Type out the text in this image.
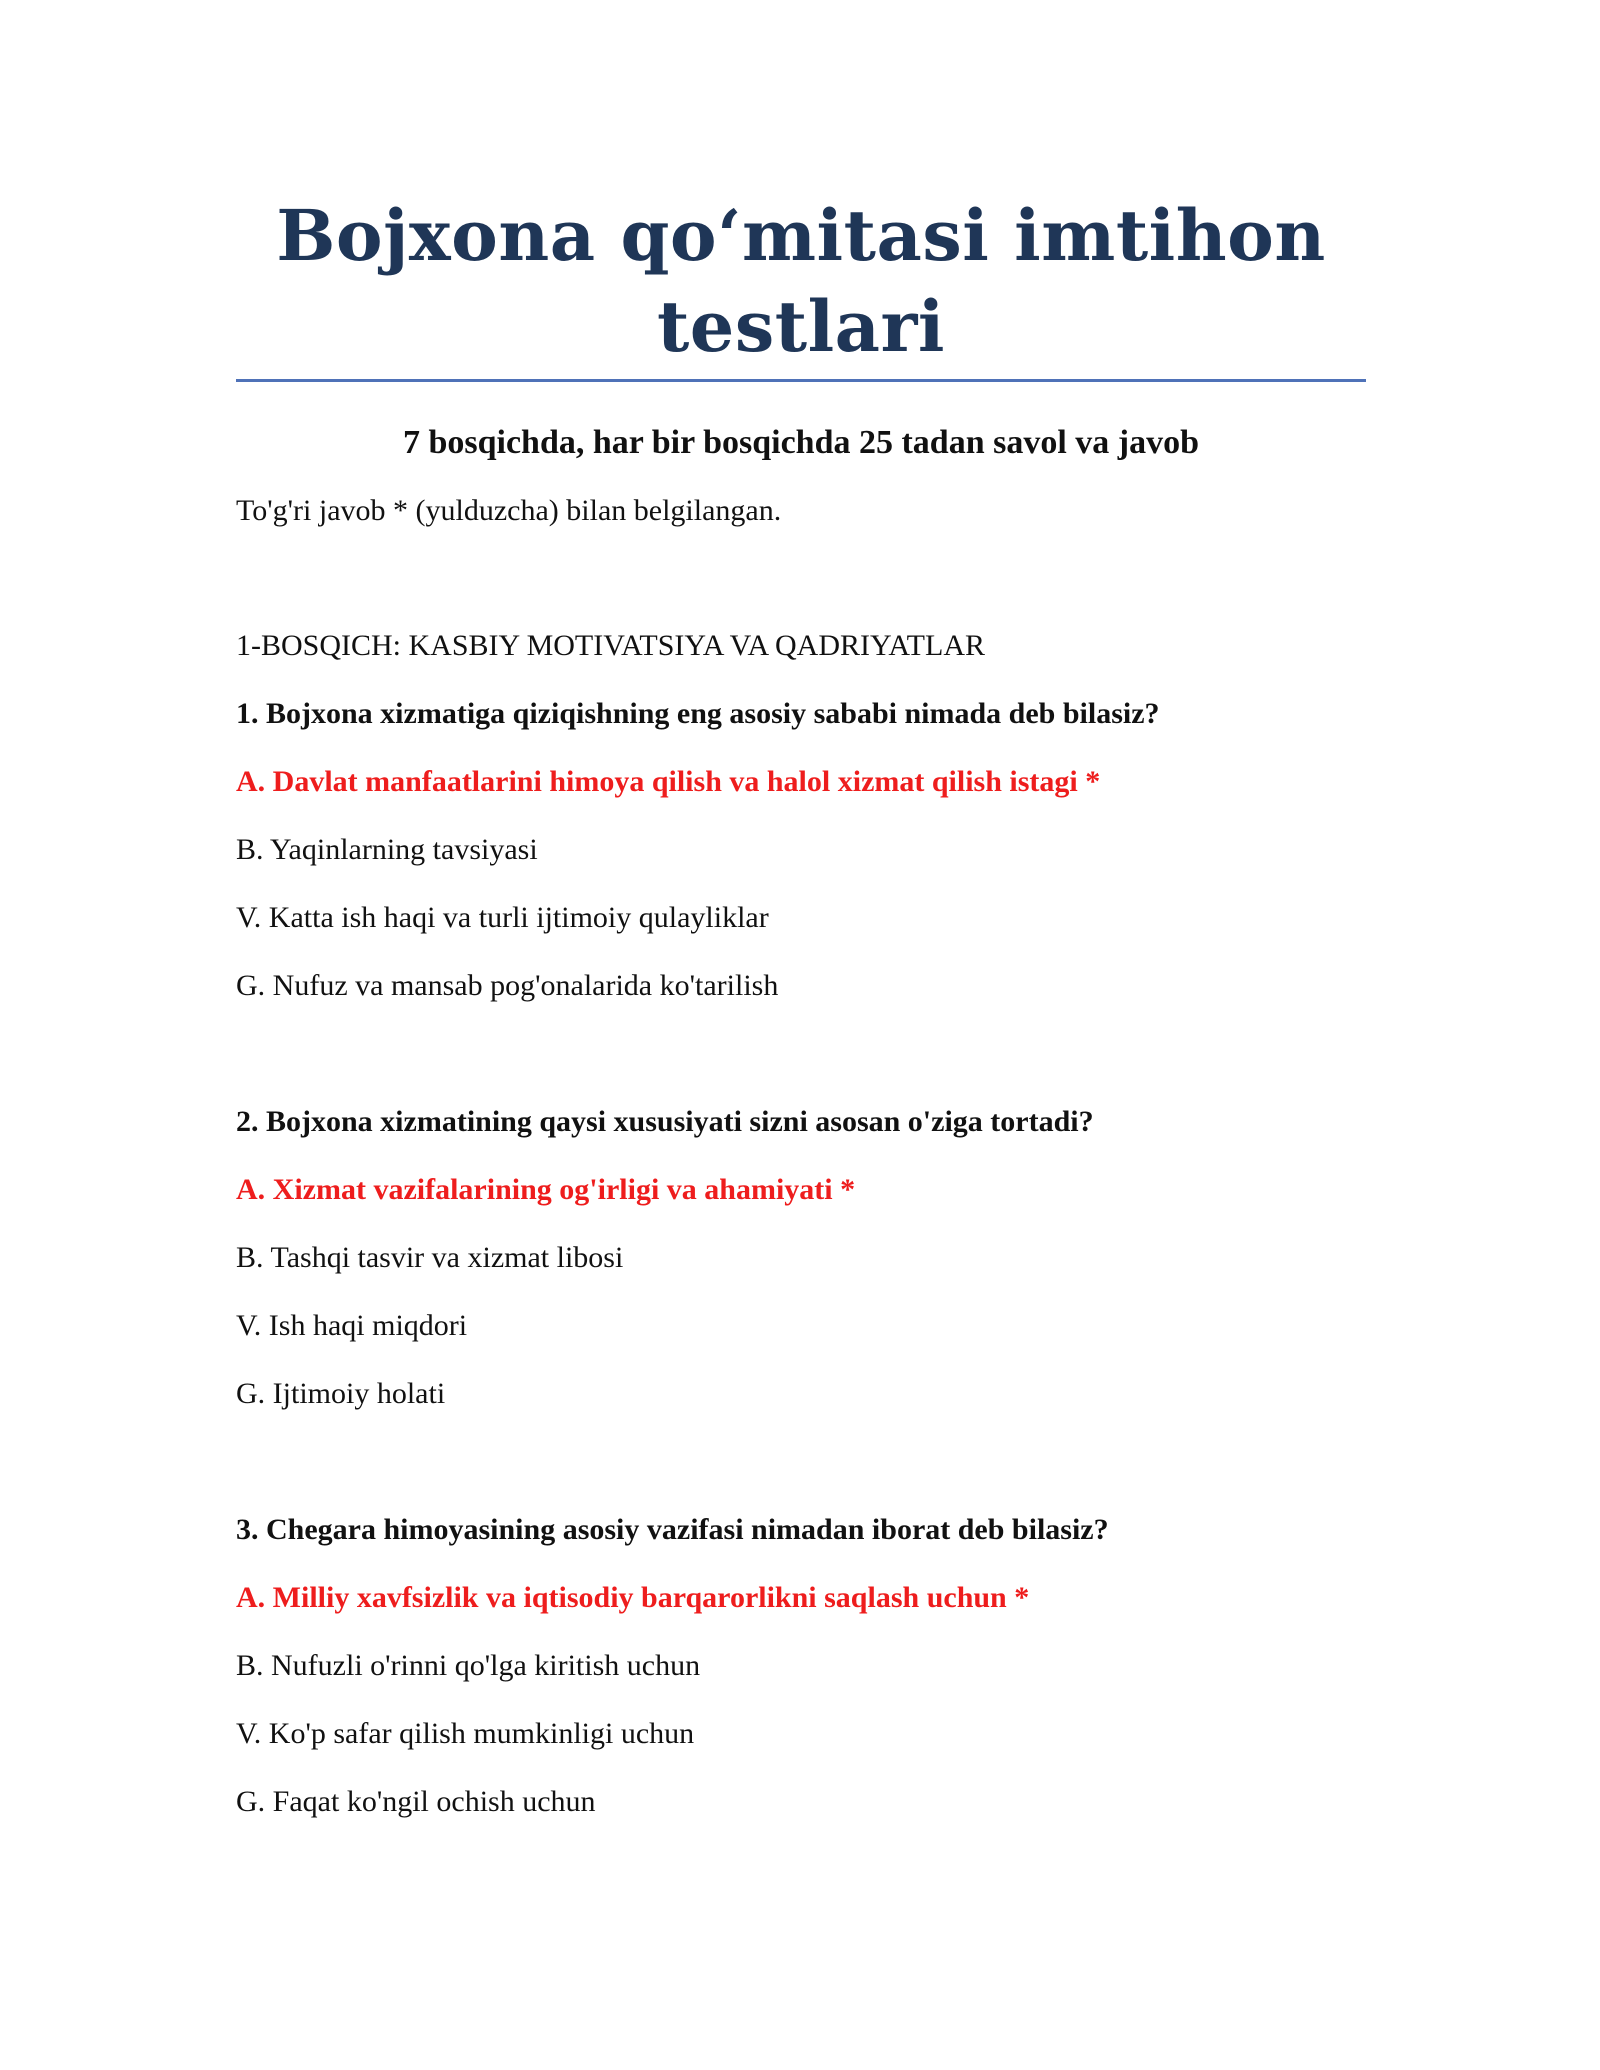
Bojxona qo‘mitasi imtihon
testlari

7 bosqichda, har bir bosqichda 25 tadan savol va javob

To'g'ri javob * (yulduzcha) bilan belgilangan.

1-BOSQICH: KASBIY MOTIVATSIYA VA QADRIYATLAR

1. Bojxona xizmatiga qiziqishning eng asosiy sababi nimada deb bilasiz?

A. Davlat manfaatlarini himoya qilish va halol xizmat qilish istagi *

B. Yaqinlarning tavsiyasi

V. Katta ish haqi va turli ijtimoiy qulayliklar

G. Nufuz va mansab pog'onalarida ko'tarilish

2. Bojxona xizmatining qaysi xususiyati sizni asosan o'ziga tortadi?

A. Xizmat vazifalarining og'irligi va ahamiyati *

B. Tashqi tasvir va xizmat libosi

V. Ish haqi miqdori

G. Ijtimoiy holati

3. Chegara himoyasining asosiy vazifasi nimadan iborat deb bilasiz?

A. Milliy xavfsizlik va iqtisodiy barqarorlikni saqlash uchun *

B. Nufuzli o'rinni qo'lga kiritish uchun

V. Ko'p safar qilish mumkinligi uchun

G. Faqat ko'ngil ochish uchun
